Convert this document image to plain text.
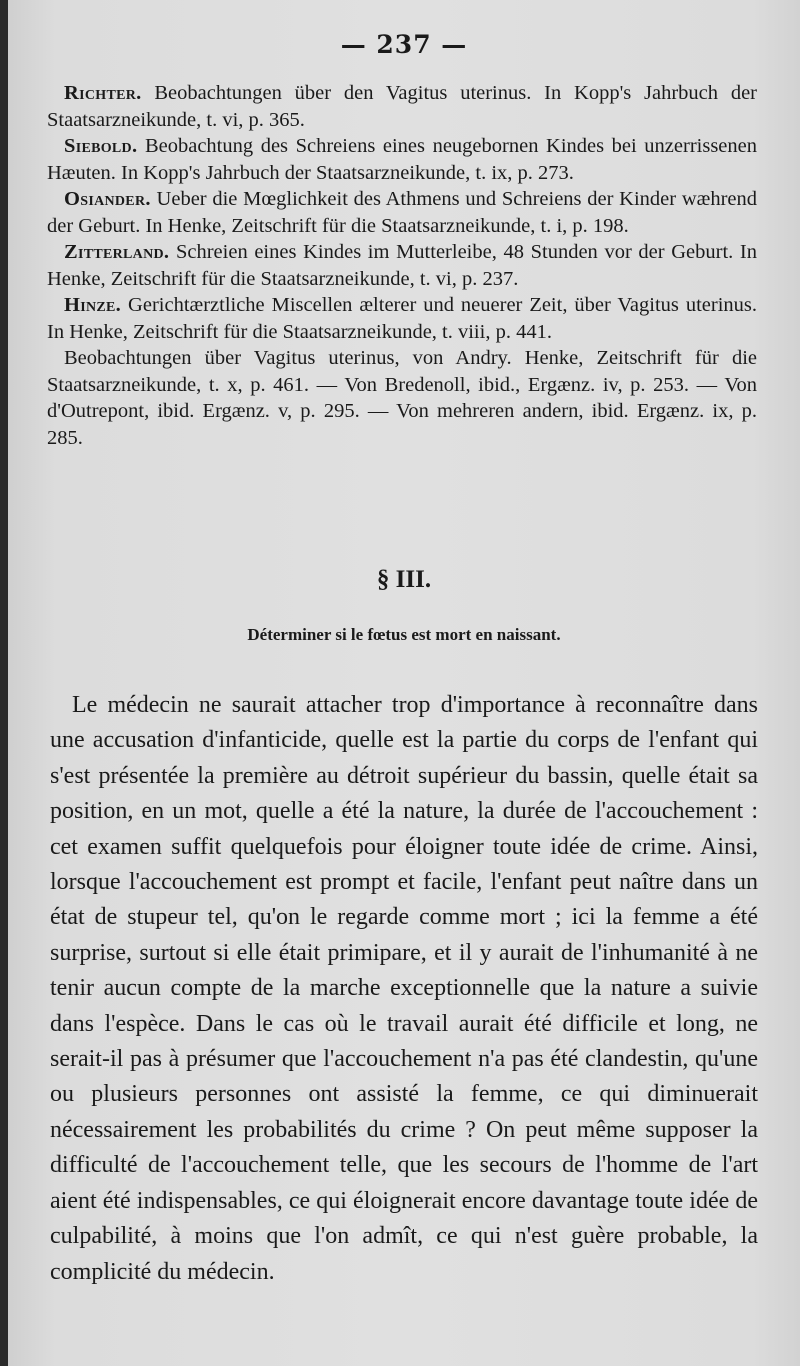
— 237 —

Richter. Beobachtungen über den Vagitus uterinus. In Kopp's Jahrbuch der Staatsarzneikunde, t. vi, p. 365.

Siebold. Beobachtung des Schreiens eines neugebornen Kindes bei unzerrissenen Hæuten. In Kopp's Jahrbuch der Staatsarzneikunde, t. ix, p. 273.

Osiander. Ueber die Mœglichkeit des Athmens und Schreiens der Kinder wæhrend der Geburt. In Henke, Zeitschrift für die Staatsarzneikunde, t. i, p. 198.

Zitterland. Schreien eines Kindes im Mutterleibe, 48 Stunden vor der Geburt. In Henke, Zeitschrift für die Staatsarzneikunde, t. vi, p. 237.

Hinze. Gerichtærztliche Miscellen ælterer und neuerer Zeit, über Vagitus uterinus. In Henke, Zeitschrift für die Staatsarzneikunde, t. viii, p. 441.

Beobachtungen über Vagitus uterinus, von Andry. Henke, Zeitschrift für die Staatsarzneikunde, t. x, p. 461. — Von Bredenoll, ibid., Ergænz. iv, p. 253. — Von d'Outrepont, ibid. Ergænz. v, p. 295. — Von mehreren andern, ibid. Ergænz. ix, p. 285.

§ III.
Déterminer si le fœtus est mort en naissant.

Le médecin ne saurait attacher trop d'importance à reconnaître dans une accusation d'infanticide, quelle est la partie du corps de l'enfant qui s'est présentée la première au détroit supérieur du bassin, quelle était sa position, en un mot, quelle a été la nature, la durée de l'accouchement : cet examen suffit quelquefois pour éloigner toute idée de crime. Ainsi, lorsque l'accouchement est prompt et facile, l'enfant peut naître dans un état de stupeur tel, qu'on le regarde comme mort ; ici la femme a été surprise, surtout si elle était primipare, et il y aurait de l'inhumanité à ne tenir aucun compte de la marche exceptionnelle que la nature a suivie dans l'espèce. Dans le cas où le travail aurait été difficile et long, ne serait-il pas à présumer que l'accouchement n'a pas été clandestin, qu'une ou plusieurs personnes ont assisté la femme, ce qui diminuerait nécessairement les probabilités du crime ? On peut même supposer la difficulté de l'accouchement telle, que les secours de l'homme de l'art aient été indispensables, ce qui éloignerait encore davantage toute idée de culpabilité, à moins que l'on admît, ce qui n'est guère probable, la complicité du médecin.
